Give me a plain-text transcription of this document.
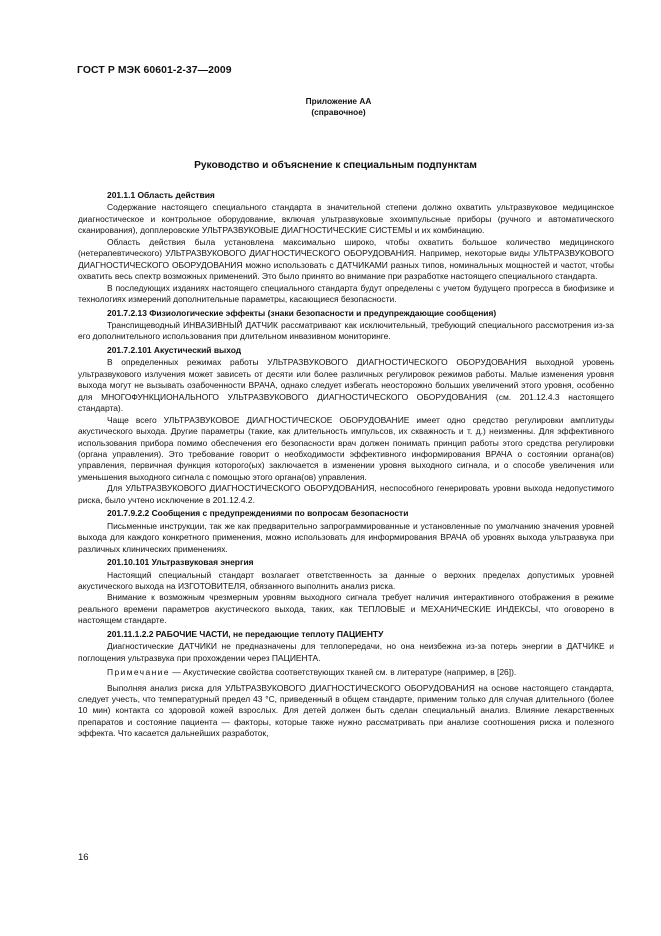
ГОСТ Р МЭК 60601-2-37—2009
Приложение АА
(справочное)
Руководство и объяснение к специальным подпунктам

201.1.1 Область действия

Содержание настоящего специального стандарта в значительной степени должно охватить ультразвуковое медицинское диагностическое и контрольное оборудование, включая ультразвуковые эхоимпульсные приборы (ручного и автоматического сканирования), допплеровские УЛЬТРАЗВУКОВЫЕ ДИАГНОСТИЧЕСКИЕ СИСТЕМЫ и их комбинацию.

Область действия была установлена максимально широко, чтобы охватить большое количество медицинского (нетерапевтического) УЛЬТРАЗВУКОВОГО ДИАГНОСТИЧЕСКОГО ОБОРУДОВАНИЯ. Например, некоторые виды УЛЬТРАЗВУКОВОГО ДИАГНОСТИЧЕСКОГО ОБОРУДОВАНИЯ можно использовать с ДАТЧИКАМИ разных типов, номинальных мощностей и частот, чтобы охватить весь спектр возможных применений. Это было принято во внимание при разработке настоящего специального стандарта.

В последующих изданиях настоящего специального стандарта будут определены с учетом будущего прогресса в биофизике и технологиях измерений дополнительные параметры, касающиеся безопасности.

201.7.2.13 Физиологические эффекты (знаки безопасности и предупреждающие сообщения)

Транспищеводный ИНВАЗИВНЫЙ ДАТЧИК рассматривают как исключительный, требующий специального рассмотрения из-за его дополнительного использования при длительном инвазивном мониторинге.

201.7.2.101 Акустический выход

В определенных режимах работы УЛЬТРАЗВУКОВОГО ДИАГНОСТИЧЕСКОГО ОБОРУДОВАНИЯ выходной уровень ультразвукового излучения может зависеть от десяти или более различных регулировок режимов работы. Малые изменения уровня выхода могут не вызывать озабоченности ВРАЧА, однако следует избегать неосторожно больших увеличений этого уровня, особенно для МНОГОФУНКЦИОНАЛЬНОГО УЛЬТРАЗВУКОВОГО ДИАГНОСТИЧЕСКОГО ОБОРУДОВАНИЯ (см. 201.12.4.3 настоящего стандарта).

Чаще всего УЛЬТРАЗВУКОВОЕ ДИАГНОСТИЧЕСКОЕ ОБОРУДОВАНИЕ имеет одно средство регулировки амплитуды акустического выхода. Другие параметры (такие, как длительность импульсов, их скважность и т. д.) неизменны. Для эффективного использования прибора помимо обеспечения его безопасности врач должен понимать принцип работы этого средства регулировки (органа управления). Это требование говорит о необходимости эффективного информирования ВРАЧА о состоянии органа(ов) управления, первичная функция которого(ых) заключается в изменении уровня выходного сигнала, и о способе увеличения или уменьшения выходного сигнала с помощью этого органа(ов) управления.

Для УЛЬТРАЗВУКОВОГО ДИАГНОСТИЧЕСКОГО ОБОРУДОВАНИЯ, неспособного генерировать уровни выхода недопустимого риска, было учтено исключение в 201.12.4.2.

201.7.9.2.2 Сообщения с предупреждениями по вопросам безопасности

Письменные инструкции, так же как предварительно запрограммированные и установленные по умолчанию значения уровней выхода для каждого конкретного применения, можно использовать для информирования ВРАЧА об уровнях выхода ультразвука при различных клинических применениях.

201.10.101 Ультразвуковая энергия

Настоящий специальный стандарт возлагает ответственность за данные о верхних пределах допустимых уровней акустического выхода на ИЗГОТОВИТЕЛЯ, обязанного выполнить анализ риска.

Внимание к возможным чрезмерным уровням выходного сигнала требует наличия интерактивного отображения в режиме реального времени параметров акустического выхода, таких, как ТЕПЛОВЫЕ и МЕХАНИЧЕСКИЕ ИНДЕКСЫ, что оговорено в настоящем стандарте.

201.11.1.2.2 РАБОЧИЕ ЧАСТИ, не передающие теплоту ПАЦИЕНТУ

Диагностические ДАТЧИКИ не предназначены для теплопередачи, но она неизбежна из-за потерь энергии в ДАТЧИКЕ и поглощения ультразвука при прохождении через ПАЦИЕНТА.

Примечание — Акустические свойства соответствующих тканей см. в литературе (например, в [26]).

Выполняя анализ риска для УЛЬТРАЗВУКОВОГО ДИАГНОСТИЧЕСКОГО ОБОРУДОВАНИЯ на основе настоящего стандарта, следует учесть, что температурный предел 43 °С, приведенный в общем стандарте, применим только для случая длительного (более 10 мин) контакта со здоровой кожей взрослых. Для детей должен быть сделан специальный анализ. Влияние лекарственных препаратов и состояние пациента — факторы, которые также нужно рассматривать при анализе соотношения риска и полезного эффекта. Что касается дальнейших разработок,

16
